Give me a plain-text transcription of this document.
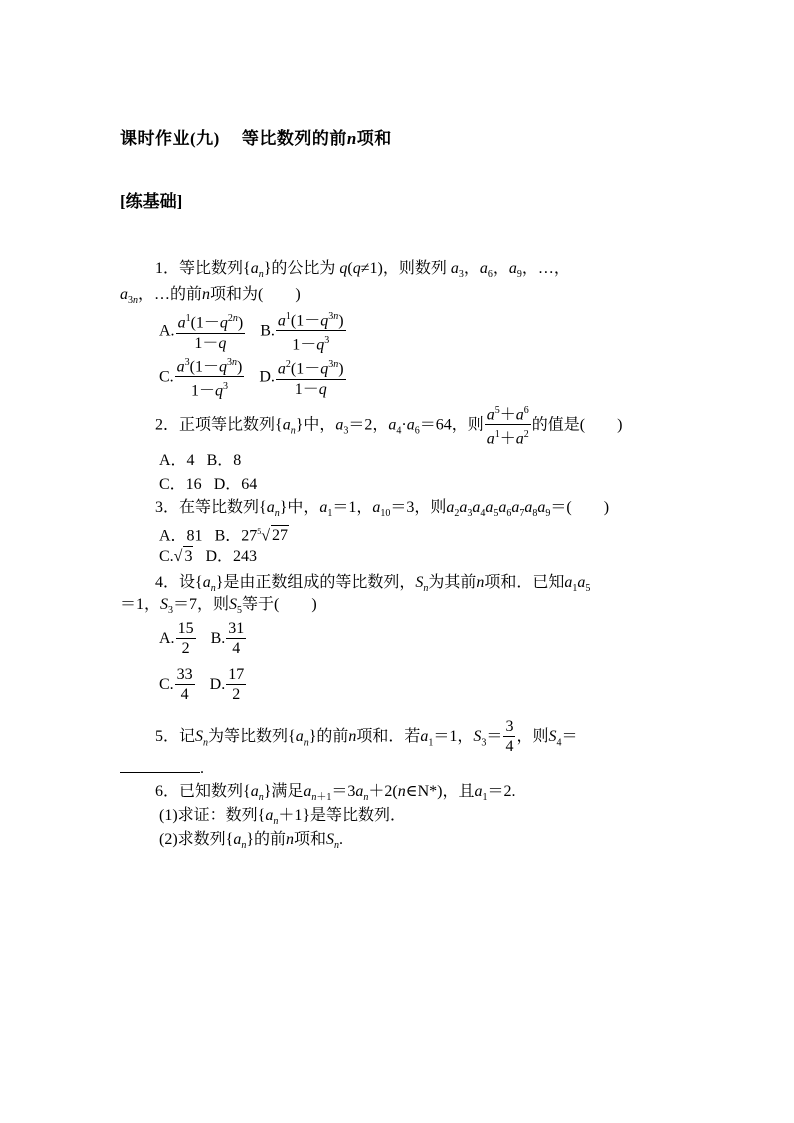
课时作业(九) 等比数列的前n项和
[练基础]
1．等比数列$\{a_n\}$的公比为 q(q≠1)，则数列 $a_3$，$a_6$，$a_9$，…，
$a_{3n}$，…的前n项和为(　　)
A. $\frac{a^1(1-q^{2n})}{1-q} B$. $\frac{a^1(1-q^{3n})}{1-q^3}$
C. $\frac{a^3(1-q^{3n})}{1-q^3} D$. $\frac{a^2(1-q^{3n})}{1-q}$
2．正项等比数列$\{a_n\}$中，$a_3=2$，$a_4\cdot a_6=64$，则 $\frac{a^5+a^6}{a^1+a^2}$ 的值是(　　)
A．4 B．8
C．16 D．64
3．在等比数列$\{a_n\}$中，$a_1=1$，$a_{10}=3$，则$a_2a_3a_4a_5a_6a_7a_8a_9=$(　　)
A．81 B．$27^5√$ 27
C.√ 3 D．243
4．设$\{a_n\}$是由正数组成的等比数列，$S_n$为其前n项和．已知$a_1a_5$
＝1，$S_3=7$，则$S_5$等于(　　)
A. $\frac{15}{2} B$. $\frac{31}{4}$
C. $\frac{33}{4} D$. $\frac{17}{2}$
5．记$S_n$为等比数列$\{a_n\}$的前n项和．若$a_1=1$，$S_3= \frac{3}{4}$ ，则$S_4=$
.
6．已知数列$\{a_n\}$满足$a_{n+1}=3a_n+2(n\in N*)$，且$a_1=2$.
(1)求证：数列$\{a_n+1\}$是等比数列．
(2)求数列$\{a_n\}$的前n项和$S_n$.
